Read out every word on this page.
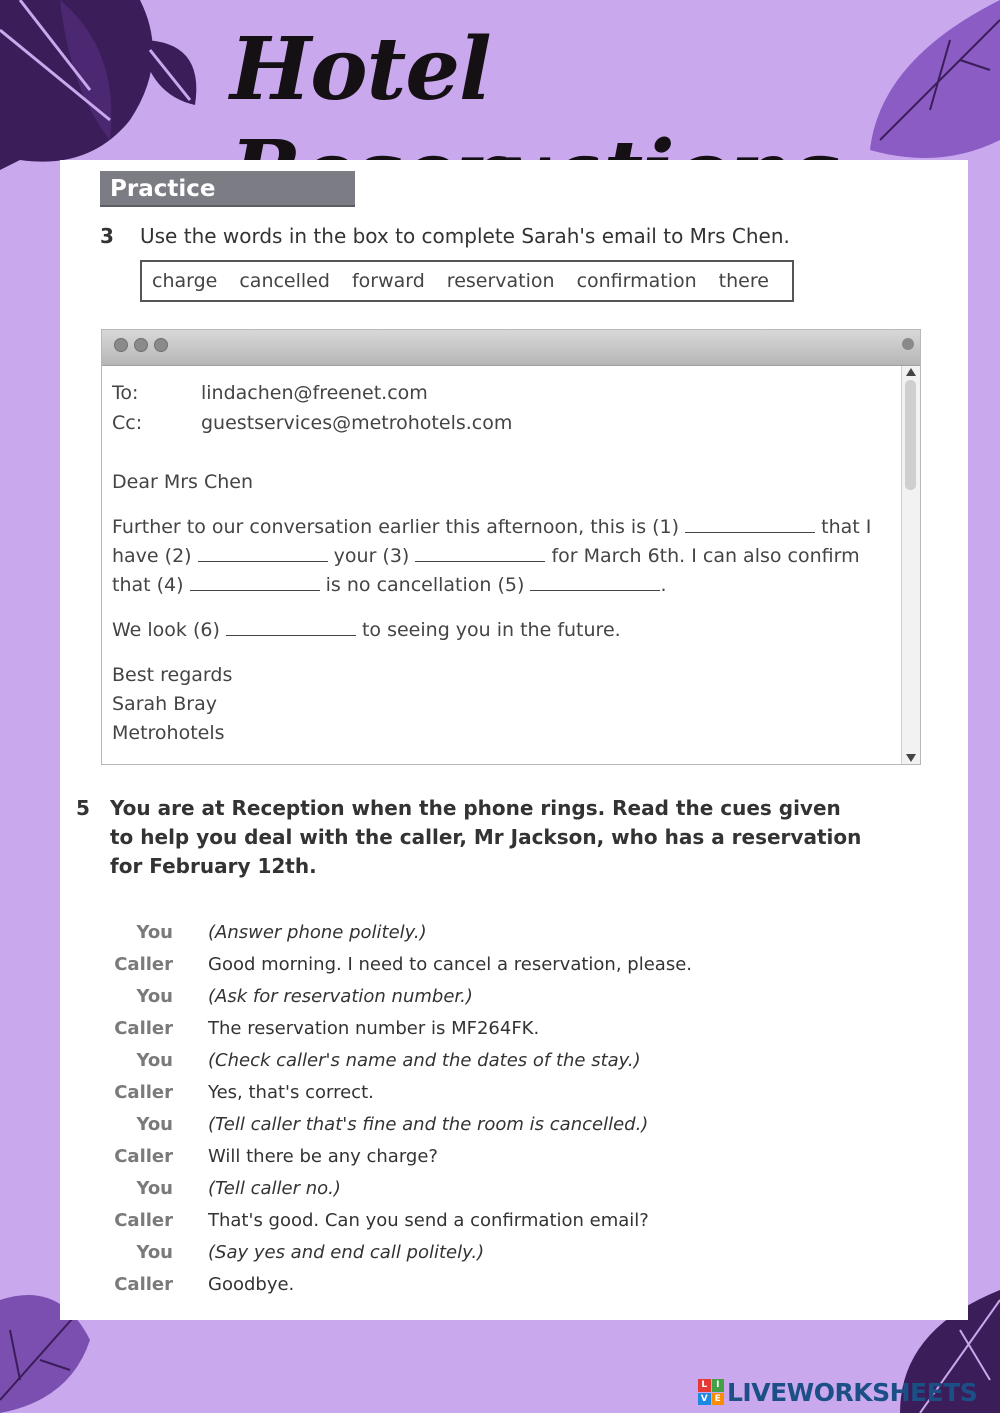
Hotel
Practice
3 Use the words in the box to complete Sarah's email to Mrs Chen.
charge cancelled forward reservation confirmation there
To:	lindachen@freenet.com
Cc:	guestservices@metrohotels.com
Dear Mrs Chen
Further to our conversation earlier this afternoon, this is (1)	that I
have (2)	your (3)	for March 6th. I can also confirm
that (4)	is no cancellation (5)	.
We look (6)	to seeing you in the future.
Best regards
Sarah Bray
Metrohotels
5 You are at Reception when the phone rings. Read the cues given to help you deal with the caller, Mr Jackson, who has a reservation for February 12th.
You (Answer phone politely.)
Caller Good morning. I need to cancel a reservation, please.
You (Ask for reservation number.)
Caller The reservation number is MF264FK.
You (Check caller's name and the dates of the stay.)
Caller Yes, that's correct.
You (Tell caller that's fine and the room is cancelled.)
Caller Will there be any charge?
You (Tell caller no.)
Caller That's good. Can you send a confirmation email?
You (Say yes and end call politely.)
Caller Goodbye.
L I
V E LIVEWORKSHEETS
